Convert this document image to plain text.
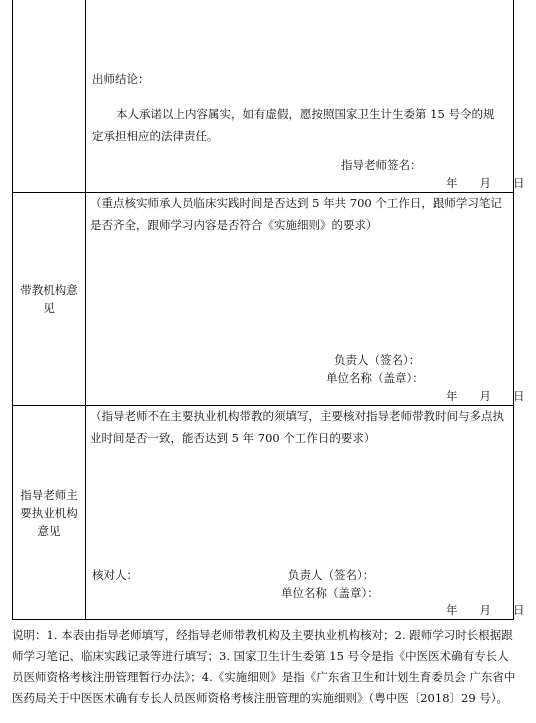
出师结论：
本人承诺以上内容属实，如有虚假，愿按照国家卫生计生委第 15 号令的规定承担相应的法律责任。
指导老师签名：
年 月 日
带教机构意见
（重点核实师承人员临床实践时间是否达到 5 年共 700 个工作日，跟师学习笔记是否齐全，跟师学习内容是否符合《实施细则》的要求）
负责人（签名）：
单位名称（盖章）：
年 月 日
指导老师主要执业机构意见
（指导老师不在主要执业机构带教的须填写，主要核对指导老师带教时间与多点执业时间是否一致，能否达到 5 年 700 个工作日的要求）
核对人：	负责人（签名）：
单位名称（盖章）：
年 月 日
说明：1. 本表由指导老师填写，经指导老师带教机构及主要执业机构核对；2. 跟师学习时长根据跟师学习笔记、临床实践记录等进行填写；3. 国家卫生计生委第 15 号令是指《中医医术确有专长人员医师资格考核注册管理暂行办法》；4.《实施细则》是指《广东省卫生和计划生育委员会 广东省中医药局关于中医医术确有专长人员医师资格考核注册管理的实施细则》（粤中医〔2018〕29 号）。
